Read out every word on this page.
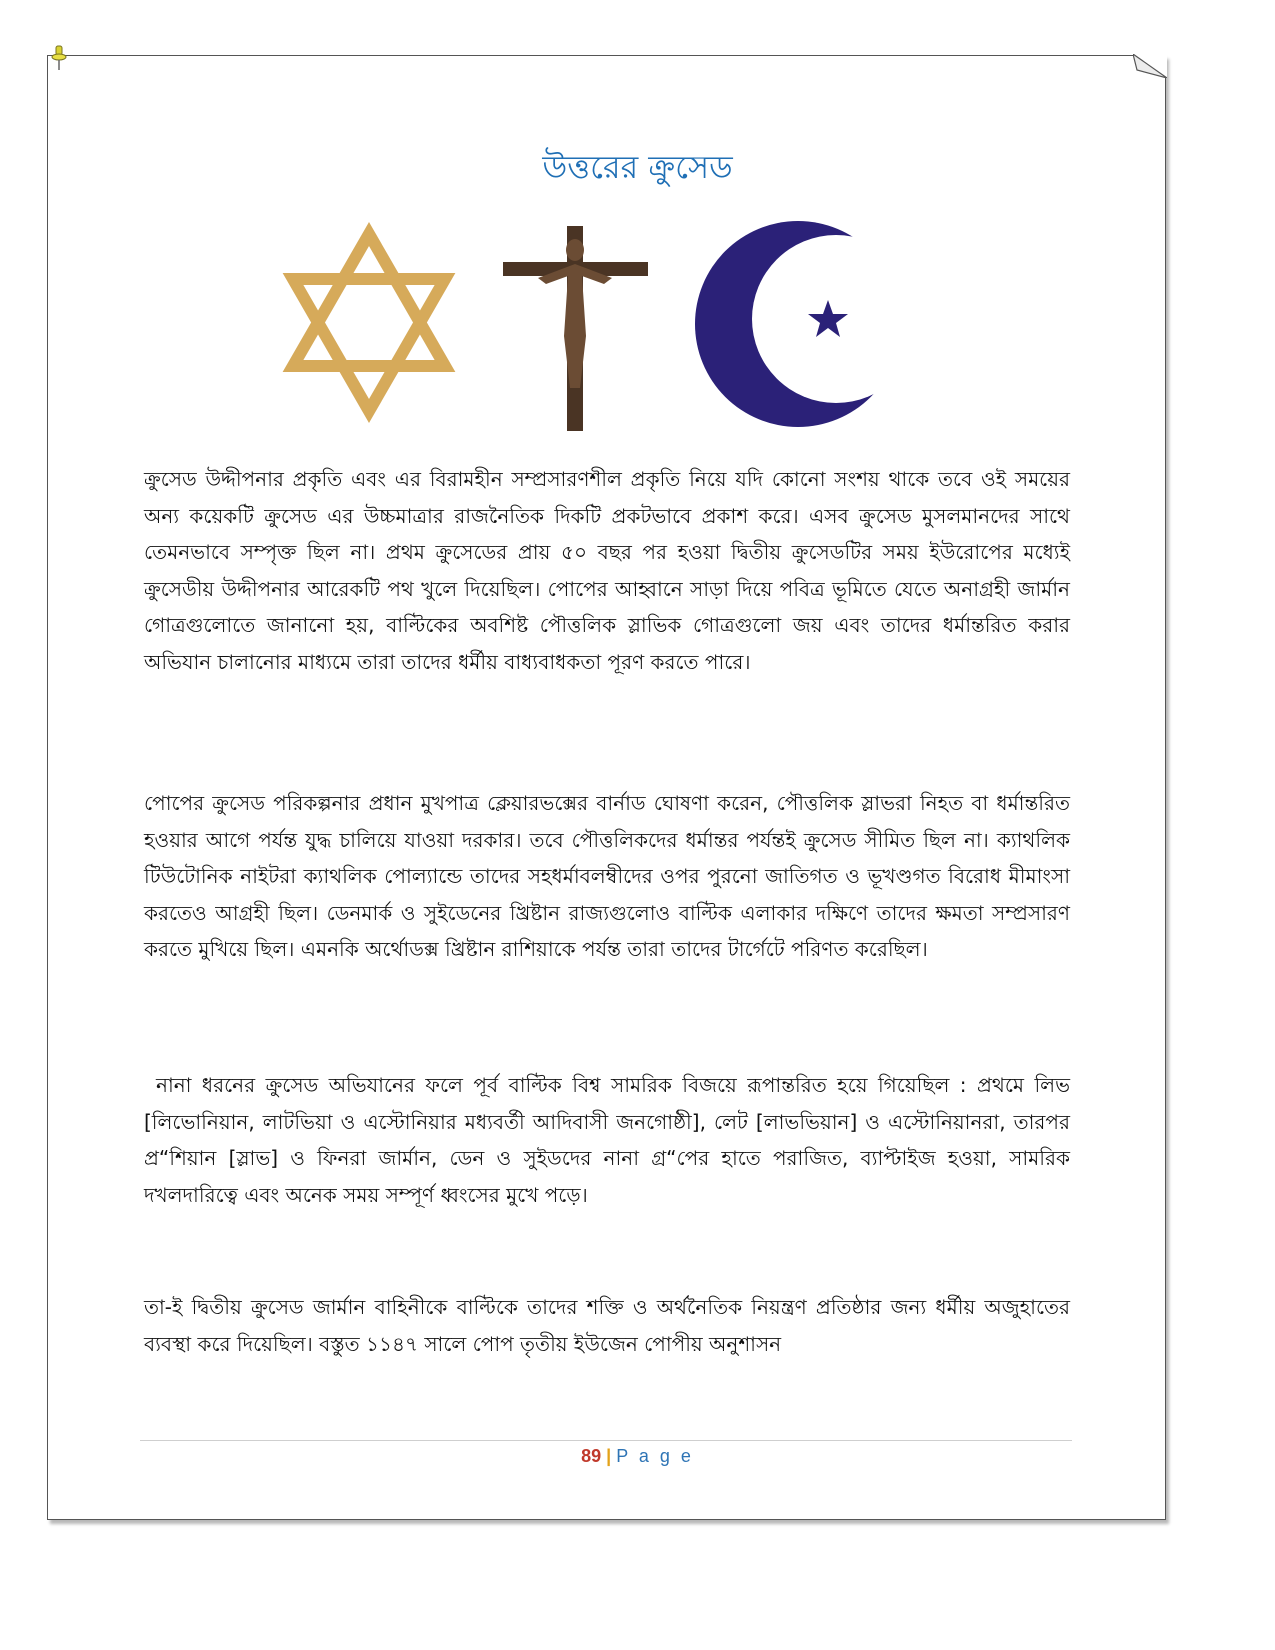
উত্তরের ক্রুসেড

ক্রুসেড উদ্দীপনার প্রকৃতি এবং এর বিরামহীন সম্প্রসারণশীল প্রকৃতি নিয়ে যদি কোনো সংশয় থাকে তবে ওই সময়ের অন্য কয়েকটি ক্রুসেড এর উচ্চমাত্রার রাজনৈতিক দিকটি প্রকটভাবে প্রকাশ করে। এসব ক্রুসেড মুসলমানদের সাথে তেমনভাবে সম্পৃক্ত ছিল না। প্রথম ক্রুসেডের প্রায় ৫০ বছর পর হওয়া দ্বিতীয় ক্রুসেডটির সময় ইউরোপের মধ্যেই ক্রুসেডীয় উদ্দীপনার আরেকটি পথ খুলে দিয়েছিল। পোপের আহ্বানে সাড়া দিয়ে পবিত্র ভূমিতে যেতে অনাগ্রহী জার্মান গোত্রগুলোতে জানানো হয়, বাল্টিকের অবশিষ্ট পৌত্তলিক স্লাভিক গোত্রগুলো জয় এবং তাদের ধর্মান্তরিত করার অভিযান চালানোর মাধ্যমে তারা তাদের ধর্মীয় বাধ্যবাধকতা পূরণ করতে পারে।

পোপের ক্রুসেড পরিকল্পনার প্রধান মুখপাত্র ক্লেয়ারভক্সের বার্নাড ঘোষণা করেন, পৌত্তলিক স্লাভরা নিহত বা ধর্মান্তরিত হওয়ার আগে পর্যন্ত যুদ্ধ চালিয়ে যাওয়া দরকার। তবে পৌত্তলিকদের ধর্মান্তর পর্যন্তই ক্রুসেড সীমিত ছিল না। ক্যাথলিক টিউটোনিক নাইটরা ক্যাথলিক পোল্যান্ডে তাদের সহধর্মাবলম্বীদের ওপর পুরনো জাতিগত ও ভূখণ্ডগত বিরোধ মীমাংসা করতেও আগ্রহী ছিল। ডেনমার্ক ও সুইডেনের খ্রিষ্টান রাজ্যগুলোও বাল্টিক এলাকার দক্ষিণে তাদের ক্ষমতা সম্প্রসারণ করতে মুখিয়ে ছিল। এমনকি অর্থোডক্স খ্রিষ্টান রাশিয়াকে পর্যন্ত তারা তাদের টার্গেটে পরিণত করেছিল।

নানা ধরনের ক্রুসেড অভিযানের ফলে পূর্ব বাল্টিক বিশ্ব সামরিক বিজয়ে রূপান্তরিত হয়ে গিয়েছিল : প্রথমে লিভ [লিভোনিয়ান, লাটভিয়া ও এস্টোনিয়ার মধ্যবর্তী আদিবাসী জনগোষ্ঠী], লেট [লাভভিয়ান] ও এস্টোনিয়ানরা, তারপর প্র“শিয়ান [স্লাভ] ও ফিনরা জার্মান, ডেন ও সুইডদের নানা গ্র“পের হাতে পরাজিত, ব্যাপ্টাইজ হওয়া, সামরিক দখলদারিত্বে এবং অনেক সময় সম্পূর্ণ ধ্বংসের মুখে পড়ে।

তা-ই দ্বিতীয় ক্রুসেড জার্মান বাহিনীকে বাল্টিকে তাদের শক্তি ও অর্থনৈতিক নিয়ন্ত্রণ প্রতিষ্ঠার জন্য ধর্মীয় অজুহাতের ব্যবস্থা করে দিয়েছিল। বস্তুত ১১৪৭ সালে পোপ তৃতীয় ইউজেন পোপীয় অনুশাসন

89 | P a g e
